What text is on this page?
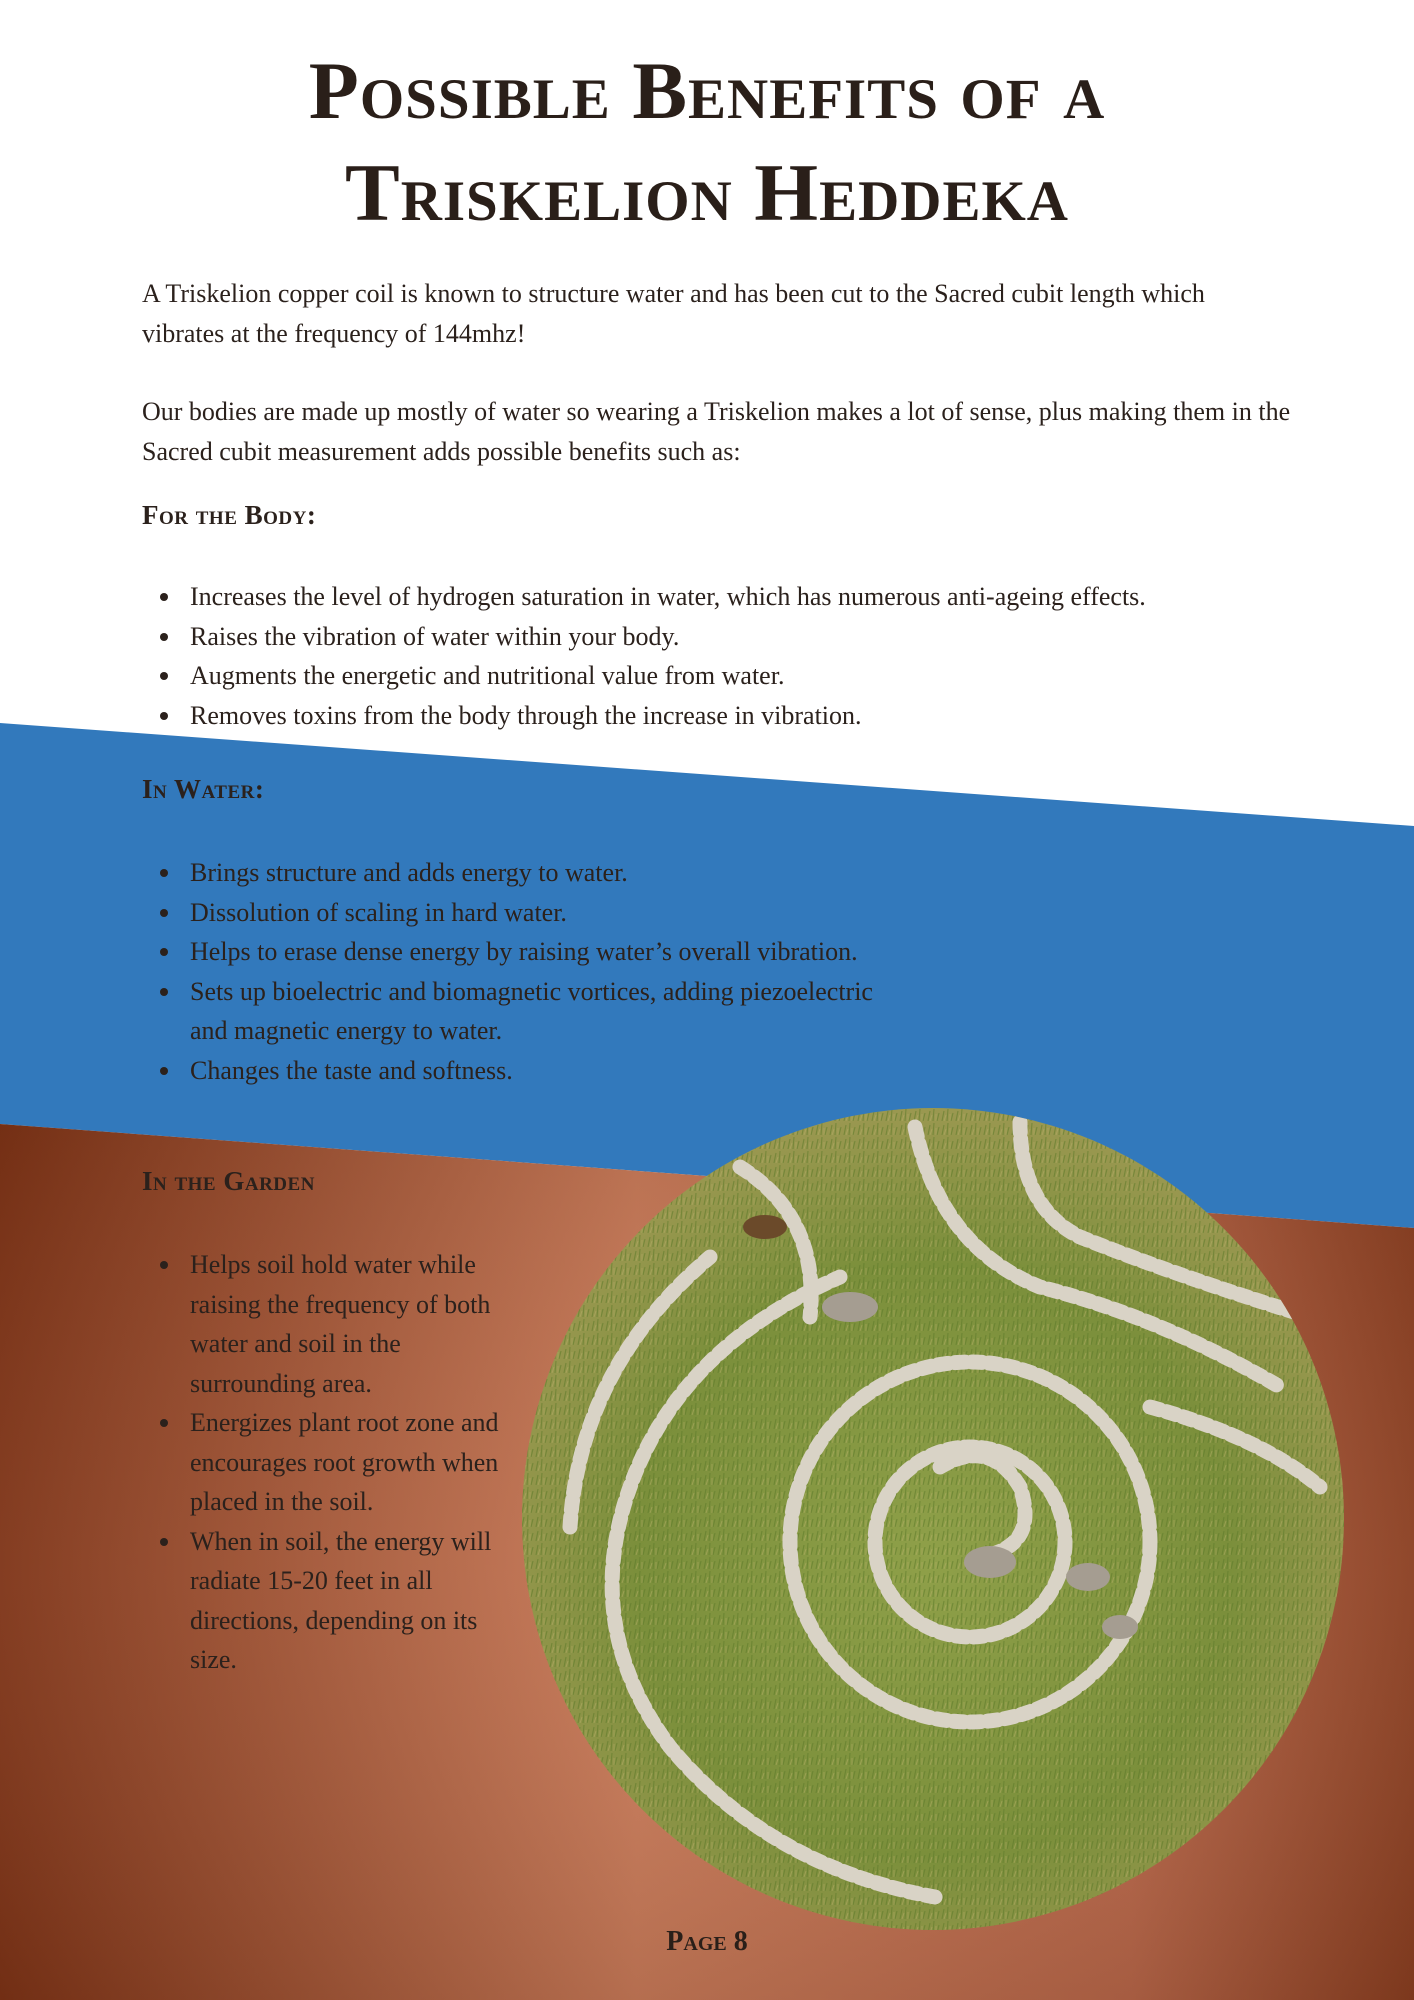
Possible Benefits of a
Triskelion Heddeka

A Triskelion copper coil is known to structure water and has been cut to the Sacred cubit length which vibrates at the frequency of 144mhz!

Our bodies are made up mostly of water so wearing a Triskelion makes a lot of sense, plus making them in the Sacred cubit measurement adds possible benefits such as:

For the Body:
Increases the level of hydrogen saturation in water, which has numerous anti-ageing effects.
Raises the vibration of water within your body.
Augments the energetic and nutritional value from water.
Removes toxins from the body through the increase in vibration.
In Water:
Brings structure and adds energy to water.
Dissolution of scaling in hard water.
Helps to erase dense energy by raising water’s overall vibration.
Sets up bioelectric and biomagnetic vortices, adding piezoelectric and magnetic energy to water.
Changes the taste and softness.
In the Garden
Helps soil hold water while raising the frequency of both water and soil in the surrounding area.
Energizes plant root zone and encourages root growth when placed in the soil.
When in soil, the energy will radiate 15-20 feet in all directions, depending on its size.
Page 8
